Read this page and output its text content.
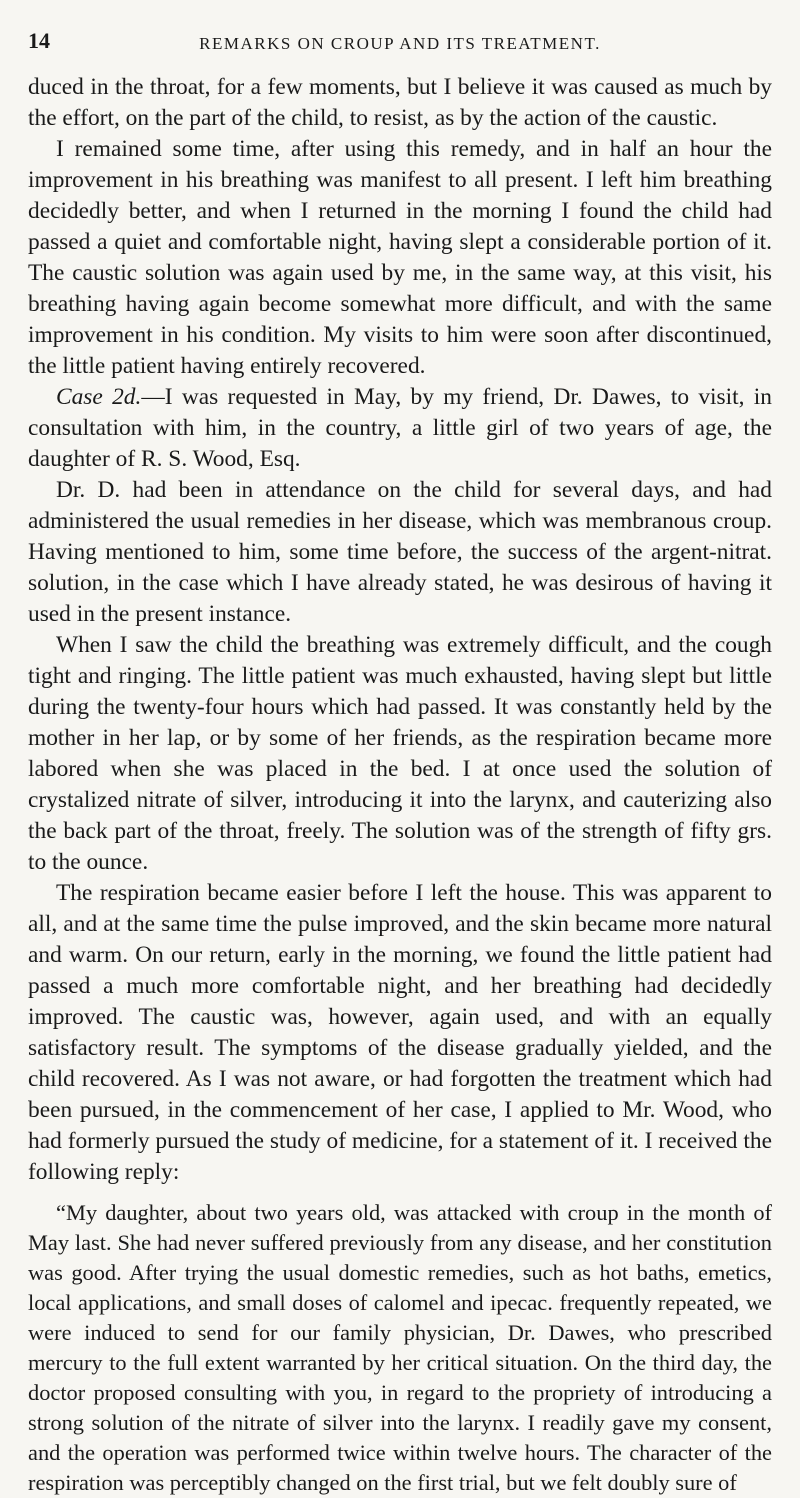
14	REMARKS ON CROUP AND ITS TREATMENT.

duced in the throat, for a few moments, but I believe it was caused as much by the effort, on the part of the child, to resist, as by the action of the caustic.

I remained some time, after using this remedy, and in half an hour the improvement in his breathing was manifest to all present. I left him breathing decidedly better, and when I returned in the morning I found the child had passed a quiet and comfortable night, having slept a considerable portion of it. The caustic solution was again used by me, in the same way, at this visit, his breathing having again become somewhat more difficult, and with the same improvement in his condition. My visits to him were soon after discontinued, the little patient having entirely recovered.

Case 2d.—I was requested in May, by my friend, Dr. Dawes, to visit, in consultation with him, in the country, a little girl of two years of age, the daughter of R. S. Wood, Esq.

Dr. D. had been in attendance on the child for several days, and had administered the usual remedies in her disease, which was membranous croup. Having mentioned to him, some time before, the success of the argent-nitrat. solution, in the case which I have already stated, he was desirous of having it used in the present instance.

When I saw the child the breathing was extremely difficult, and the cough tight and ringing. The little patient was much exhausted, having slept but little during the twenty-four hours which had passed. It was constantly held by the mother in her lap, or by some of her friends, as the respiration became more labored when she was placed in the bed. I at once used the solution of crystalized nitrate of silver, introducing it into the larynx, and cauterizing also the back part of the throat, freely. The solution was of the strength of fifty grs. to the ounce.

The respiration became easier before I left the house. This was apparent to all, and at the same time the pulse improved, and the skin became more natural and warm. On our return, early in the morning, we found the little patient had passed a much more comfortable night, and her breathing had decidedly improved. The caustic was, however, again used, and with an equally satisfactory result. The symptoms of the disease gradually yielded, and the child recovered. As I was not aware, or had forgotten the treatment which had been pursued, in the commencement of her case, I applied to Mr. Wood, who had formerly pursued the study of medicine, for a statement of it. I received the following reply:

“My daughter, about two years old, was attacked with croup in the month of May last. She had never suffered previously from any disease, and her constitution was good. After trying the usual domestic remedies, such as hot baths, emetics, local applications, and small doses of calomel and ipecac. frequently repeated, we were induced to send for our family physician, Dr. Dawes, who prescribed mercury to the full extent warranted by her critical situation. On the third day, the doctor proposed consulting with you, in regard to the propriety of introducing a strong solution of the nitrate of silver into the larynx. I readily gave my consent, and the operation was performed twice within twelve hours. The character of the respiration was perceptibly changed on the first trial, but we felt doubly sure of
